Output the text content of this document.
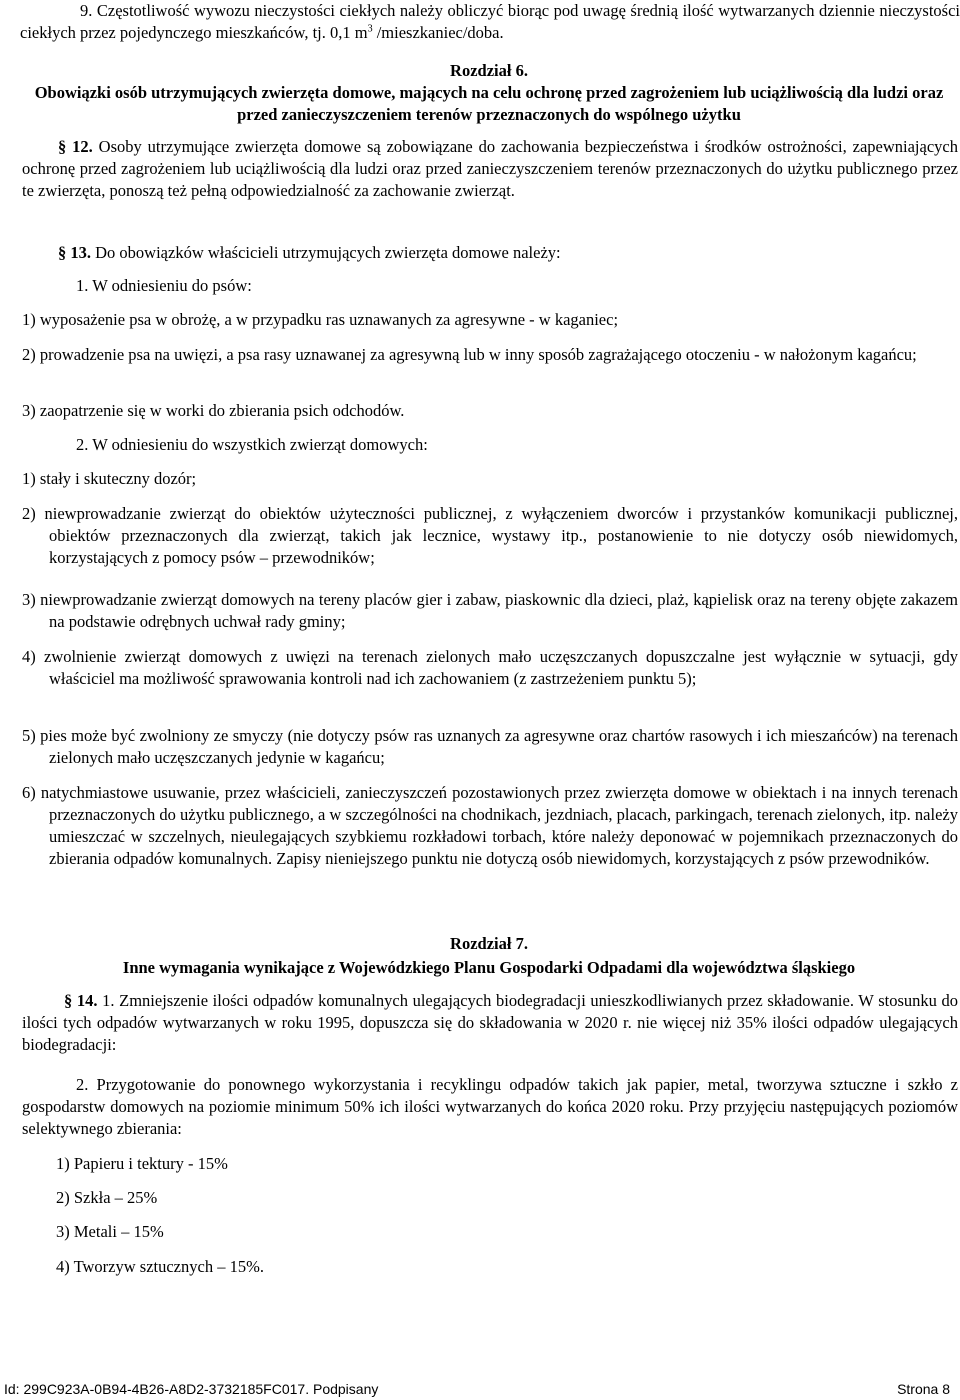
9. Częstotliwość wywozu nieczystości ciekłych należy obliczyć biorąc pod uwagę średnią ilość wytwarzanych dziennie nieczystości ciekłych przez pojedynczego mieszkańców, tj. 0,1 $m^3$ /mieszkaniec/doba.

Rozdział 6.

Obowiązki osób utrzymujących zwierzęta domowe, mających na celu ochronę przed zagrożeniem lub uciążliwością dla ludzi oraz przed zanieczyszczeniem terenów przeznaczonych do wspólnego użytku

§ 12. Osoby utrzymujące zwierzęta domowe są zobowiązane do zachowania bezpieczeństwa i środków ostrożności, zapewniających ochronę przed zagrożeniem lub uciążliwością dla ludzi oraz przed zanieczyszczeniem terenów przeznaczonych do użytku publicznego przez te zwierzęta, ponoszą też pełną odpowiedzialność za zachowanie zwierząt.

§ 13. Do obowiązków właścicieli utrzymujących zwierzęta domowe należy:

1. W odniesieniu do psów:

1) wyposażenie psa w obrożę, a w przypadku ras uznawanych za agresywne - w kaganiec;

2) prowadzenie psa na uwięzi, a psa rasy uznawanej za agresywną lub w inny sposób zagrażającego otoczeniu - w nałożonym kagańcu;

3) zaopatrzenie się w worki do zbierania psich odchodów.

2. W odniesieniu do wszystkich zwierząt domowych:

1) stały i skuteczny dozór;

2) niewprowadzanie zwierząt do obiektów użyteczności publicznej, z wyłączeniem dworców i przystanków komunikacji publicznej, obiektów przeznaczonych dla zwierząt, takich jak lecznice, wystawy itp., postanowienie to nie dotyczy osób niewidomych, korzystających z pomocy psów – przewodników;

3) niewprowadzanie zwierząt domowych na tereny placów gier i zabaw, piaskownic dla dzieci, plaż, kąpielisk oraz na tereny objęte zakazem na podstawie odrębnych uchwał rady gminy;

4) zwolnienie zwierząt domowych z uwięzi na terenach zielonych mało uczęszczanych dopuszczalne jest wyłącznie w sytuacji, gdy właściciel ma możliwość sprawowania kontroli nad ich zachowaniem (z zastrzeżeniem punktu 5);

5) pies może być zwolniony ze smyczy (nie dotyczy psów ras uznanych za agresywne oraz chartów rasowych i ich mieszańców) na terenach zielonych mało uczęszczanych jedynie w kagańcu;

6) natychmiastowe usuwanie, przez właścicieli, zanieczyszczeń pozostawionych przez zwierzęta domowe w obiektach i na innych terenach przeznaczonych do użytku publicznego, a w szczególności na chodnikach, jezdniach, placach, parkingach, terenach zielonych, itp. należy umieszczać w szczelnych, nieulegających szybkiemu rozkładowi torbach, które należy deponować w pojemnikach przeznaczonych do zbierania odpadów komunalnych. Zapisy nieniejszego punktu nie dotyczą osób niewidomych, korzystających z psów przewodników.

Rozdział 7.

Inne wymagania wynikające z Wojewódzkiego Planu Gospodarki Odpadami dla województwa śląskiego

§ 14. 1. Zmniejszenie ilości odpadów komunalnych ulegających biodegradacji unieszkodliwianych przez składowanie. W stosunku do ilości tych odpadów wytwarzanych w roku 1995, dopuszcza się do składowania w 2020 r. nie więcej niż 35% ilości odpadów ulegających biodegradacji:

2. Przygotowanie do ponownego wykorzystania i recyklingu odpadów takich jak papier, metal, tworzywa sztuczne i szkło z gospodarstw domowych na poziomie minimum 50% ich ilości wytwarzanych do końca 2020 roku. Przy przyjęciu następujących poziomów selektywnego zbierania:

1) Papieru i tektury - 15%

2) Szkła – 25%

3) Metali – 15%

4) Tworzyw sztucznych – 15%.

Id: 299C923A-0B94-4B26-A8D2-3732185FC017. Podpisany	Strona 8
